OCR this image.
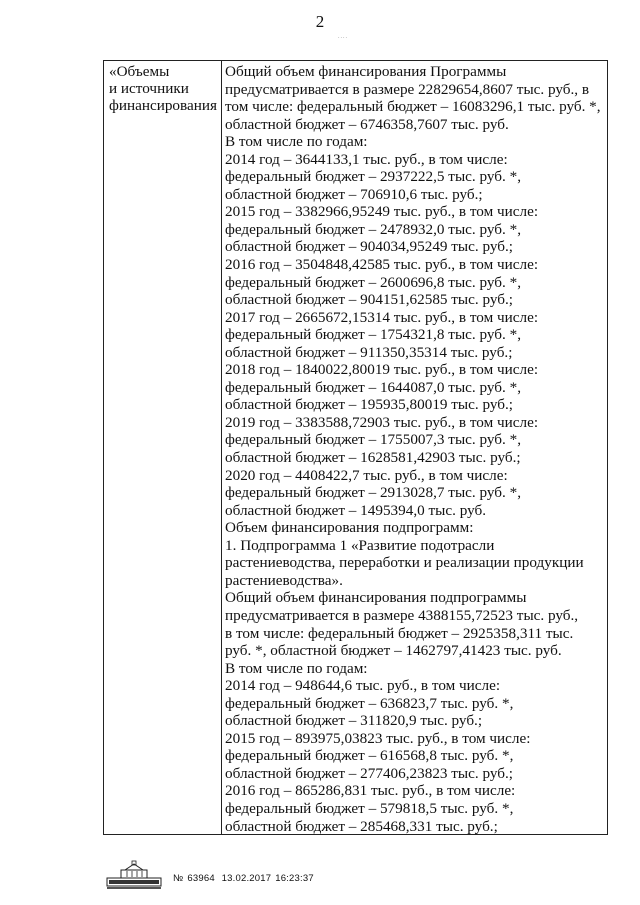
2
....
«Объемы
и источники
финансирования
Общий объем финансирования Программы
предусматривается в размере 22829654,8607 тыс. руб., в
том числе: федеральный бюджет – 16083296,1 тыс. руб. *,
областной бюджет – 6746358,7607 тыс. руб.
В том числе по годам:
2014 год – 3644133,1 тыс. руб., в том числе:
федеральный бюджет – 2937222,5 тыс. руб. *,
областной бюджет – 706910,6 тыс. руб.;
2015 год – 3382966,95249 тыс. руб., в том числе:
федеральный бюджет – 2478932,0 тыс. руб. *,
областной бюджет – 904034,95249 тыс. руб.;
2016 год – 3504848,42585 тыс. руб., в том числе:
федеральный бюджет – 2600696,8 тыс. руб. *,
областной бюджет – 904151,62585 тыс. руб.;
2017 год – 2665672,15314 тыс. руб., в том числе:
федеральный бюджет – 1754321,8 тыс. руб. *,
областной бюджет – 911350,35314 тыс. руб.;
2018 год – 1840022,80019 тыс. руб., в том числе:
федеральный бюджет – 1644087,0 тыс. руб. *,
областной бюджет – 195935,80019 тыс. руб.;
2019 год – 3383588,72903 тыс. руб., в том числе:
федеральный бюджет – 1755007,3 тыс. руб. *,
областной бюджет – 1628581,42903 тыс. руб.;
2020 год – 4408422,7 тыс. руб., в том числе:
федеральный бюджет – 2913028,7 тыс. руб. *,
областной бюджет – 1495394,0 тыс. руб.
Объем финансирования подпрограмм:
1. Подпрограмма 1 «Развитие подотрасли
растениеводства, переработки и реализации продукции
растениеводства».
Общий объем финансирования подпрограммы
предусматривается в размере 4388155,72523 тыс. руб.,
в том числе: федеральный бюджет – 2925358,311 тыс.
руб. *, областной бюджет – 1462797,41423 тыс. руб.
В том числе по годам:
2014 год – 948644,6 тыс. руб., в том числе:
федеральный бюджет – 636823,7 тыс. руб. *,
областной бюджет – 311820,9 тыс. руб.;
2015 год – 893975,03823 тыс. руб., в том числе:
федеральный бюджет – 616568,8 тыс. руб. *,
областной бюджет – 277406,23823 тыс. руб.;
2016 год – 865286,831 тыс. руб., в том числе:
федеральный бюджет – 579818,5 тыс. руб. *,
областной бюджет – 285468,331 тыс. руб.;
№ 63964 13.02.2017 16:23:37
